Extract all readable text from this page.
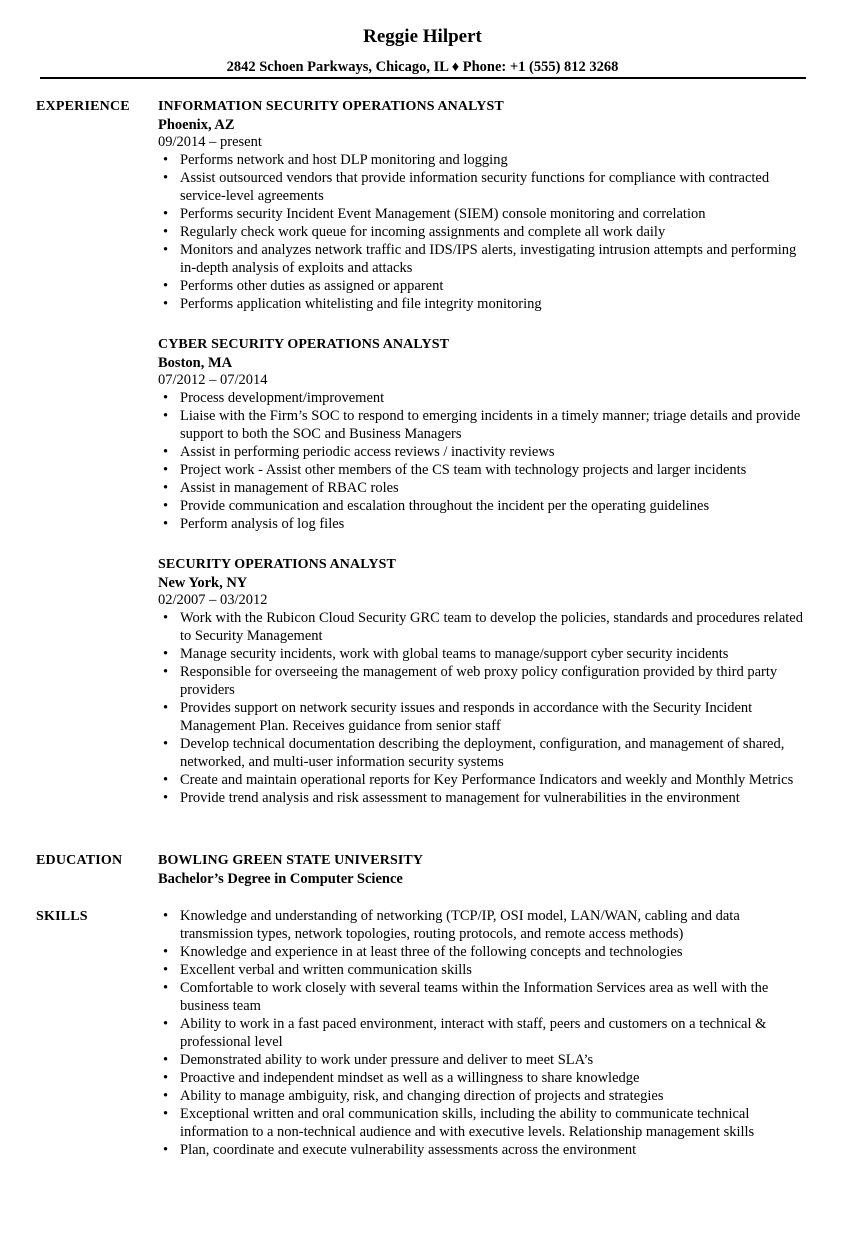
Reggie Hilpert
2842 Schoen Parkways, Chicago, IL ♦ Phone: +1 (555) 812 3268
EXPERIENCE INFORMATION SECURITY OPERATIONS ANALYST
Phoenix, AZ
09/2014 – present
• Performs network and host DLP monitoring and logging
• Assist outsourced vendors that provide information security functions for compliance with contracted service-level agreements
• Performs security Incident Event Management (SIEM) console monitoring and correlation
• Regularly check work queue for incoming assignments and complete all work daily
• Monitors and analyzes network traffic and IDS/IPS alerts, investigating intrusion attempts and performing in-depth analysis of exploits and attacks
• Performs other duties as assigned or apparent
• Performs application whitelisting and file integrity monitoring
CYBER SECURITY OPERATIONS ANALYST
Boston, MA
07/2012 – 07/2014
• Process development/improvement
• Liaise with the Firm’s SOC to respond to emerging incidents in a timely manner; triage details and provide support to both the SOC and Business Managers
• Assist in performing periodic access reviews / inactivity reviews
• Project work - Assist other members of the CS team with technology projects and larger incidents
• Assist in management of RBAC roles
• Provide communication and escalation throughout the incident per the operating guidelines
• Perform analysis of log files
SECURITY OPERATIONS ANALYST
New York, NY
02/2007 – 03/2012
• Work with the Rubicon Cloud Security GRC team to develop the policies, standards and procedures related to Security Management
• Manage security incidents, work with global teams to manage/support cyber security incidents
• Responsible for overseeing the management of web proxy policy configuration provided by third party providers
• Provides support on network security issues and responds in accordance with the Security Incident Management Plan. Receives guidance from senior staff
• Develop technical documentation describing the deployment, configuration, and management of shared, networked, and multi-user information security systems
• Create and maintain operational reports for Key Performance Indicators and weekly and Monthly Metrics
• Provide trend analysis and risk assessment to management for vulnerabilities in the environment
EDUCATION	BOWLING GREEN STATE UNIVERSITY
Bachelor’s Degree in Computer Science
SKILLS
•	Knowledge and understanding of networking (TCP/IP, OSI model, LAN/WAN, cabling and data transmission types, network topologies, routing protocols, and remote access methods)
• Knowledge and experience in at least three of the following concepts and technologies
• Excellent verbal and written communication skills
• Comfortable to work closely with several teams within the Information Services area as well with the business team
• Ability to work in a fast paced environment, interact with staff, peers and customers on a technical & professional level
• Demonstrated ability to work under pressure and deliver to meet SLA’s
• Proactive and independent mindset as well as a willingness to share knowledge
• Ability to manage ambiguity, risk, and changing direction of projects and strategies
• Exceptional written and oral communication skills, including the ability to communicate technical information to a non-technical audience and with executive levels. Relationship management skills
• Plan, coordinate and execute vulnerability assessments across the environment
